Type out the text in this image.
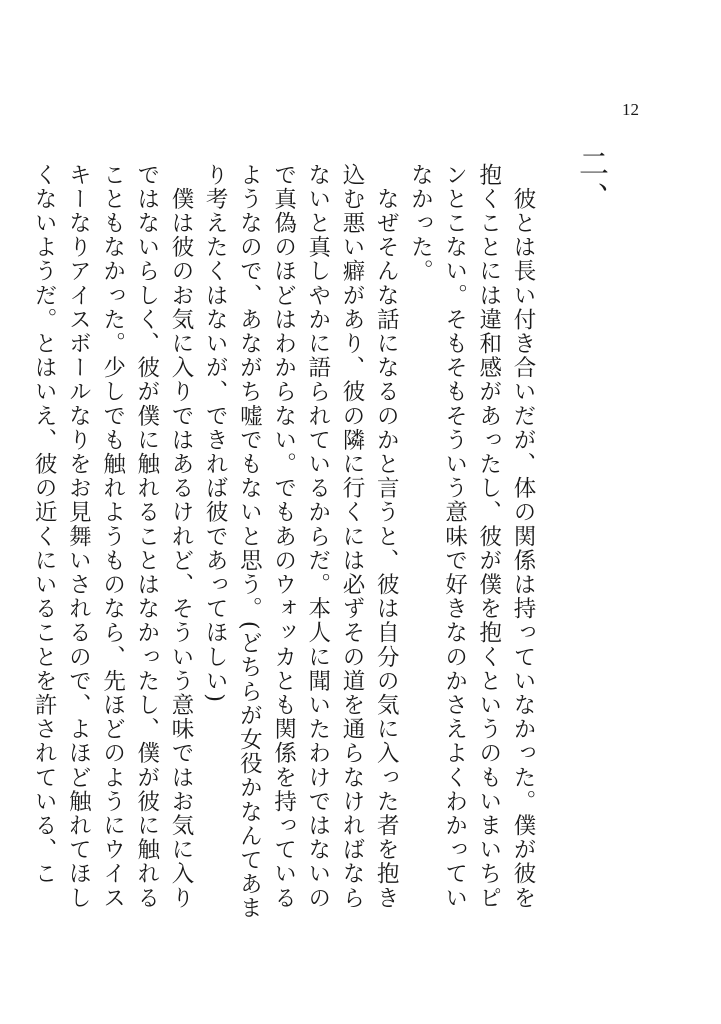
12
二、

　彼とは長い付き合いだが、体の関係は持っていなかった。僕が彼を抱くことには違和感があったし、彼が僕を抱くというのもいまいちピンとこない。そもそもそういう意味で好きなのかさえよくわかっていなかった。

　なぜそんな話になるのかと言うと、彼は自分の気に入った者を抱き込む悪い癖があり、彼の隣に行くには必ずその道を通らなければならないと真しやかに語られているからだ。本人に聞いたわけではないので真偽のほどはわからない。でもあのウォッカとも関係を持っているようなので、あながち嘘でもないと思う。(どちらが女役かなんてあまり考えたくはないが、できれば彼であってほしい)

　僕は彼のお気に入りではあるけれど、そういう意味ではお気に入りではないらしく、彼が僕に触れることはなかったし、僕が彼に触れることもなかった。少しでも触れようものなら、先ほどのようにウイスキーなりアイスボールなりをお見舞いされるので、よほど触れてほしくないようだ。とはいえ、彼の近くにいることを許されている、こ
